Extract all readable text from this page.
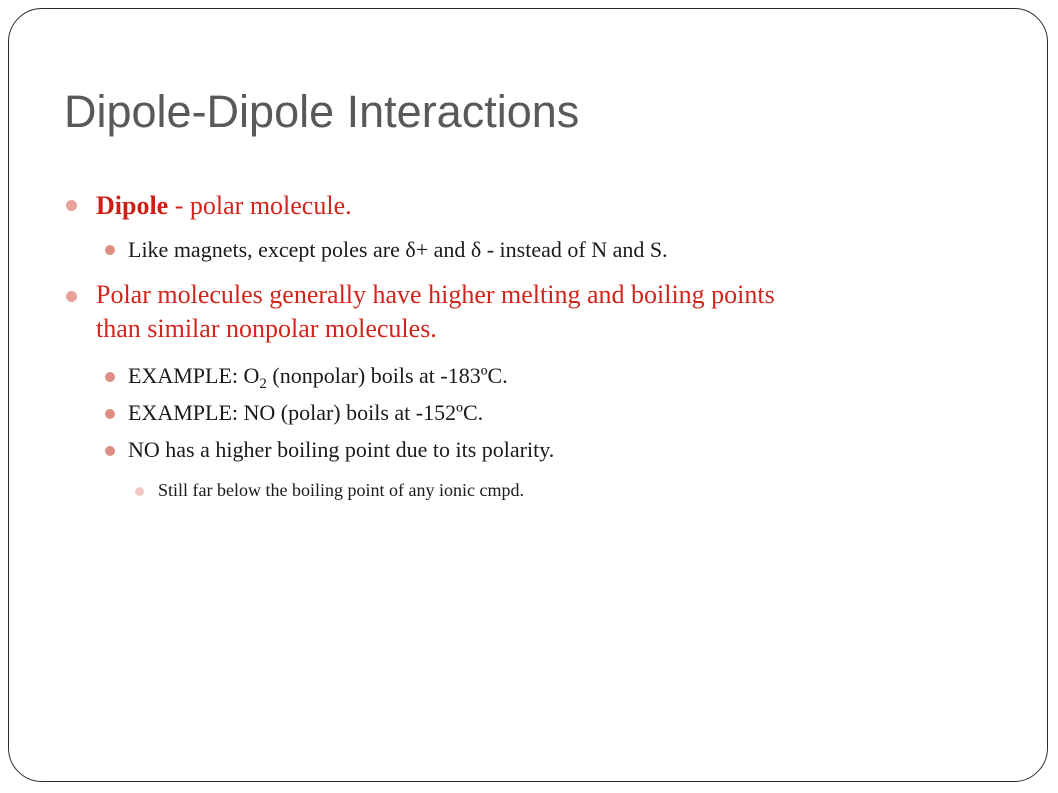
Dipole-Dipole Interactions
Dipole - polar molecule.
Like magnets, except poles are δ+ and δ - instead of N and S.
Polar molecules generally have higher melting and boiling points
than similar nonpolar molecules.
EXAMPLE: $O_2$ (nonpolar) boils at -183ºC.
EXAMPLE: NO (polar) boils at -152ºC.
NO has a higher boiling point due to its polarity.
Still far below the boiling point of any ionic cmpd.
